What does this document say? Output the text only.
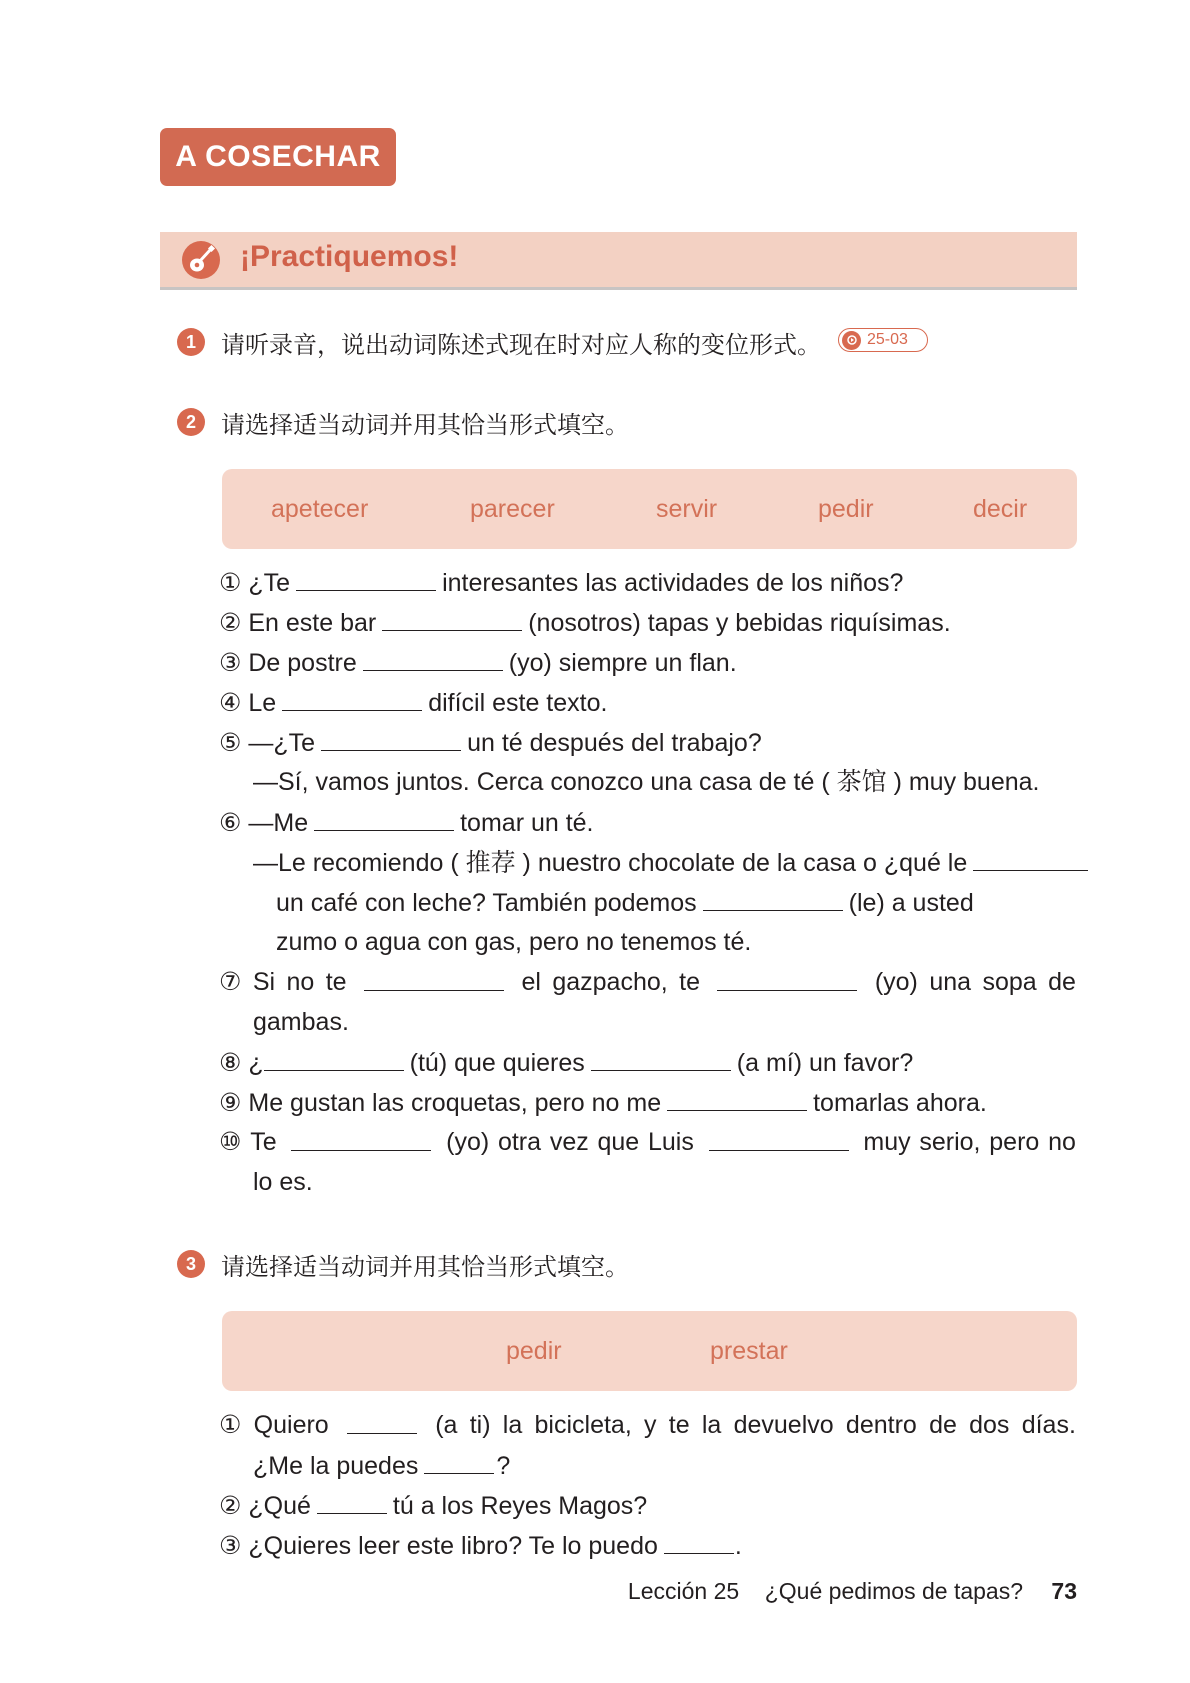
A COSECHAR
¡Practiquemos!
1	请听录音，说出动词陈述式现在时对应人称的变位形式。	25-03
2	请选择适当动词并用其恰当形式填空。
apetecer	parecer	servir	pedir	decir
① ¿Te	interesantes las actividades de los niños?
② En este bar	(nosotros) tapas y bebidas riquísimas.
③ De postre	(yo) siempre un flan.
④ Le	difícil este texto.
⑤ —¿Te	un té después del trabajo?
—Sí, vamos juntos. Cerca conozco una casa de té ( 茶馆 ) muy buena.
⑥ —Me	tomar un té.
—Le recomiendo ( 推荐 ) nuestro chocolate de la casa o ¿qué le
un café con leche? También podemos	(le) a usted
zumo o agua con gas, pero no tenemos té.
⑦ Si no te	el gazpacho, te	(yo) una sopa de
gambas.
⑧ ¿	(tú) que quieres	(a mí) un favor?
⑨ Me gustan las croquetas, pero no me	tomarlas ahora.
⑩ Te	(yo) otra vez que Luis	muy serio, pero no
lo es.
3	请选择适当动词并用其恰当形式填空。
pedir	prestar
① Quiero	(a ti) la bicicleta, y te la devuelvo dentro de dos días.
¿Me la puedes	?
② ¿Qué	tú a los Reyes Magos?
③ ¿Quieres leer este libro? Te lo puedo	.
Lección 25 ¿Qué pedimos de tapas? 73
